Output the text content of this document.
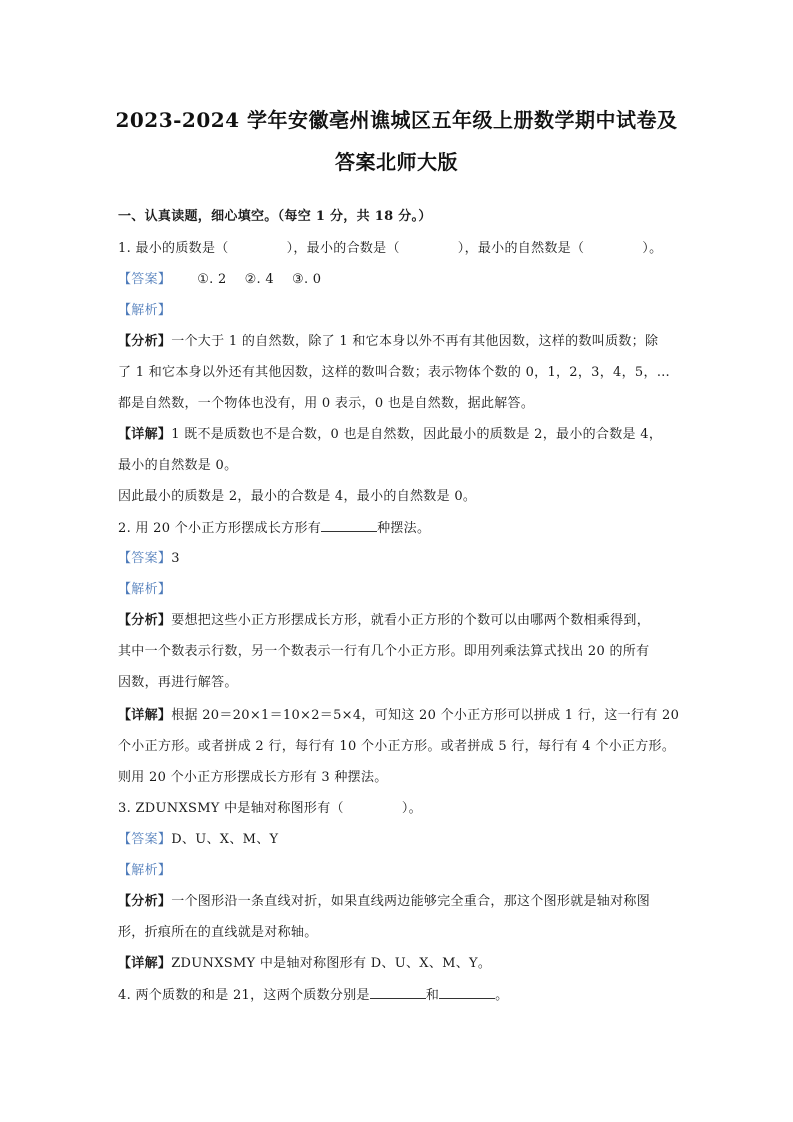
2023-2024 学年安徽亳州谯城区五年级上册数学期中试卷及
答案北师大版
一、认真读题，细心填空。（每空 1 分，共 18 分。）
1. 最小的质数是（	），最小的合数是（	），最小的自然数是（	）。
【答案】 ①. 2 ②. 4 ③. 0
【解析】
【分析】一个大于 1 的自然数，除了 1 和它本身以外不再有其他因数，这样的数叫质数；除
了 1 和它本身以外还有其他因数，这样的数叫合数；表示物体个数的 0，1，2，3，4，5，…
都是自然数，一个物体也没有，用 0 表示，0 也是自然数，据此解答。
【详解】1 既不是质数也不是合数，0 也是自然数，因此最小的质数是 2，最小的合数是 4，
最小的自然数是 0。
因此最小的质数是 2，最小的合数是 4，最小的自然数是 0。
2. 用 20 个小正方形摆成长方形有	种摆法。
【答案】3
【解析】
【分析】要想把这些小正方形摆成长方形，就看小正方形的个数可以由哪两个数相乘得到，
其中一个数表示行数，另一个数表示一行有几个小正方形。即用列乘法算式找出 20 的所有
因数，再进行解答。
【详解】根据 20＝20×1＝10×2＝5×4，可知这 20 个小正方形可以拼成 1 行，这一行有 20
个小正方形。或者拼成 2 行，每行有 10 个小正方形。或者拼成 5 行，每行有 4 个小正方形。
则用 20 个小正方形摆成长方形有 3 种摆法。
3. ZDUNXSMY 中是轴对称图形有（	）。
【答案】D、U、X、M、Y
【解析】
【分析】一个图形沿一条直线对折，如果直线两边能够完全重合，那这个图形就是轴对称图
形，折痕所在的直线就是对称轴。
【详解】ZDUNXSMY 中是轴对称图形有 D、U、X、M、Y。
4. 两个质数的和是 21，这两个质数分别是	和	。
